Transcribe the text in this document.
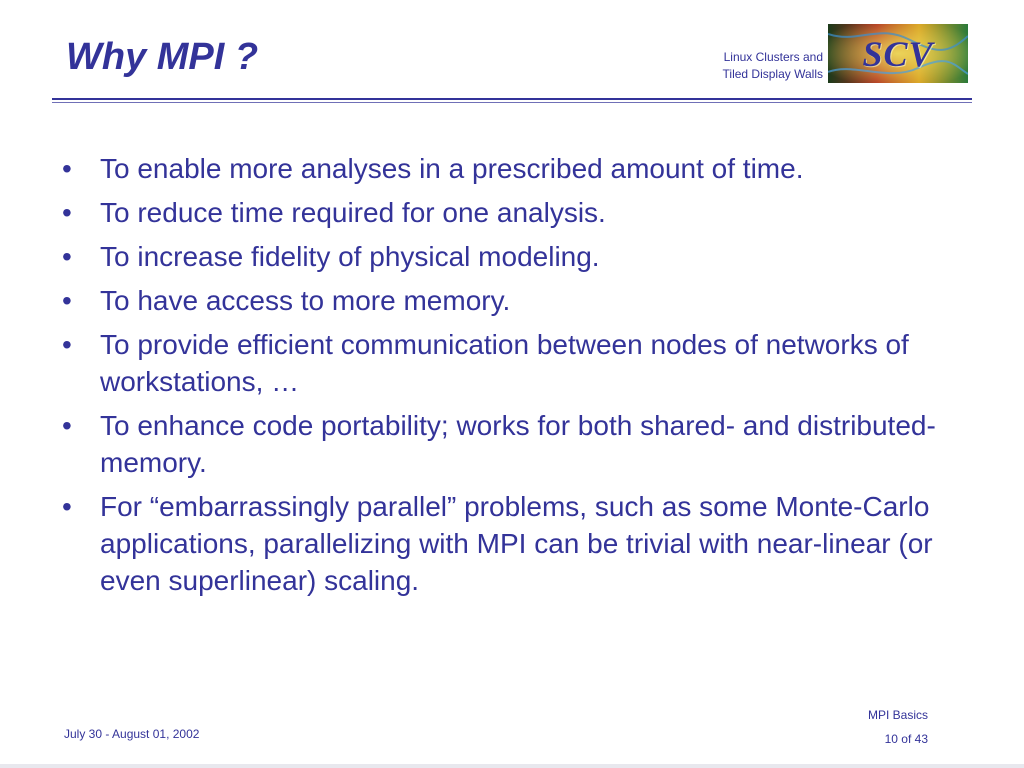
Why MPI ?	Linux Clusters and
Tiled Display Walls
SCV
• To enable more analyses in a prescribed amount of time.
• To reduce time required for one analysis.
• To increase fidelity of physical modeling.
• To have access to more memory.
• To provide efficient communication between nodes of networks of workstations, …
• To enhance code portability; works for both shared- and distributed-memory.
• For “embarrassingly parallel” problems, such as some Monte-Carlo applications, parallelizing with MPI can be trivial with near-linear (or even superlinear) scaling.
July 30 - August 01, 2002
MPI Basics
10 of 43
